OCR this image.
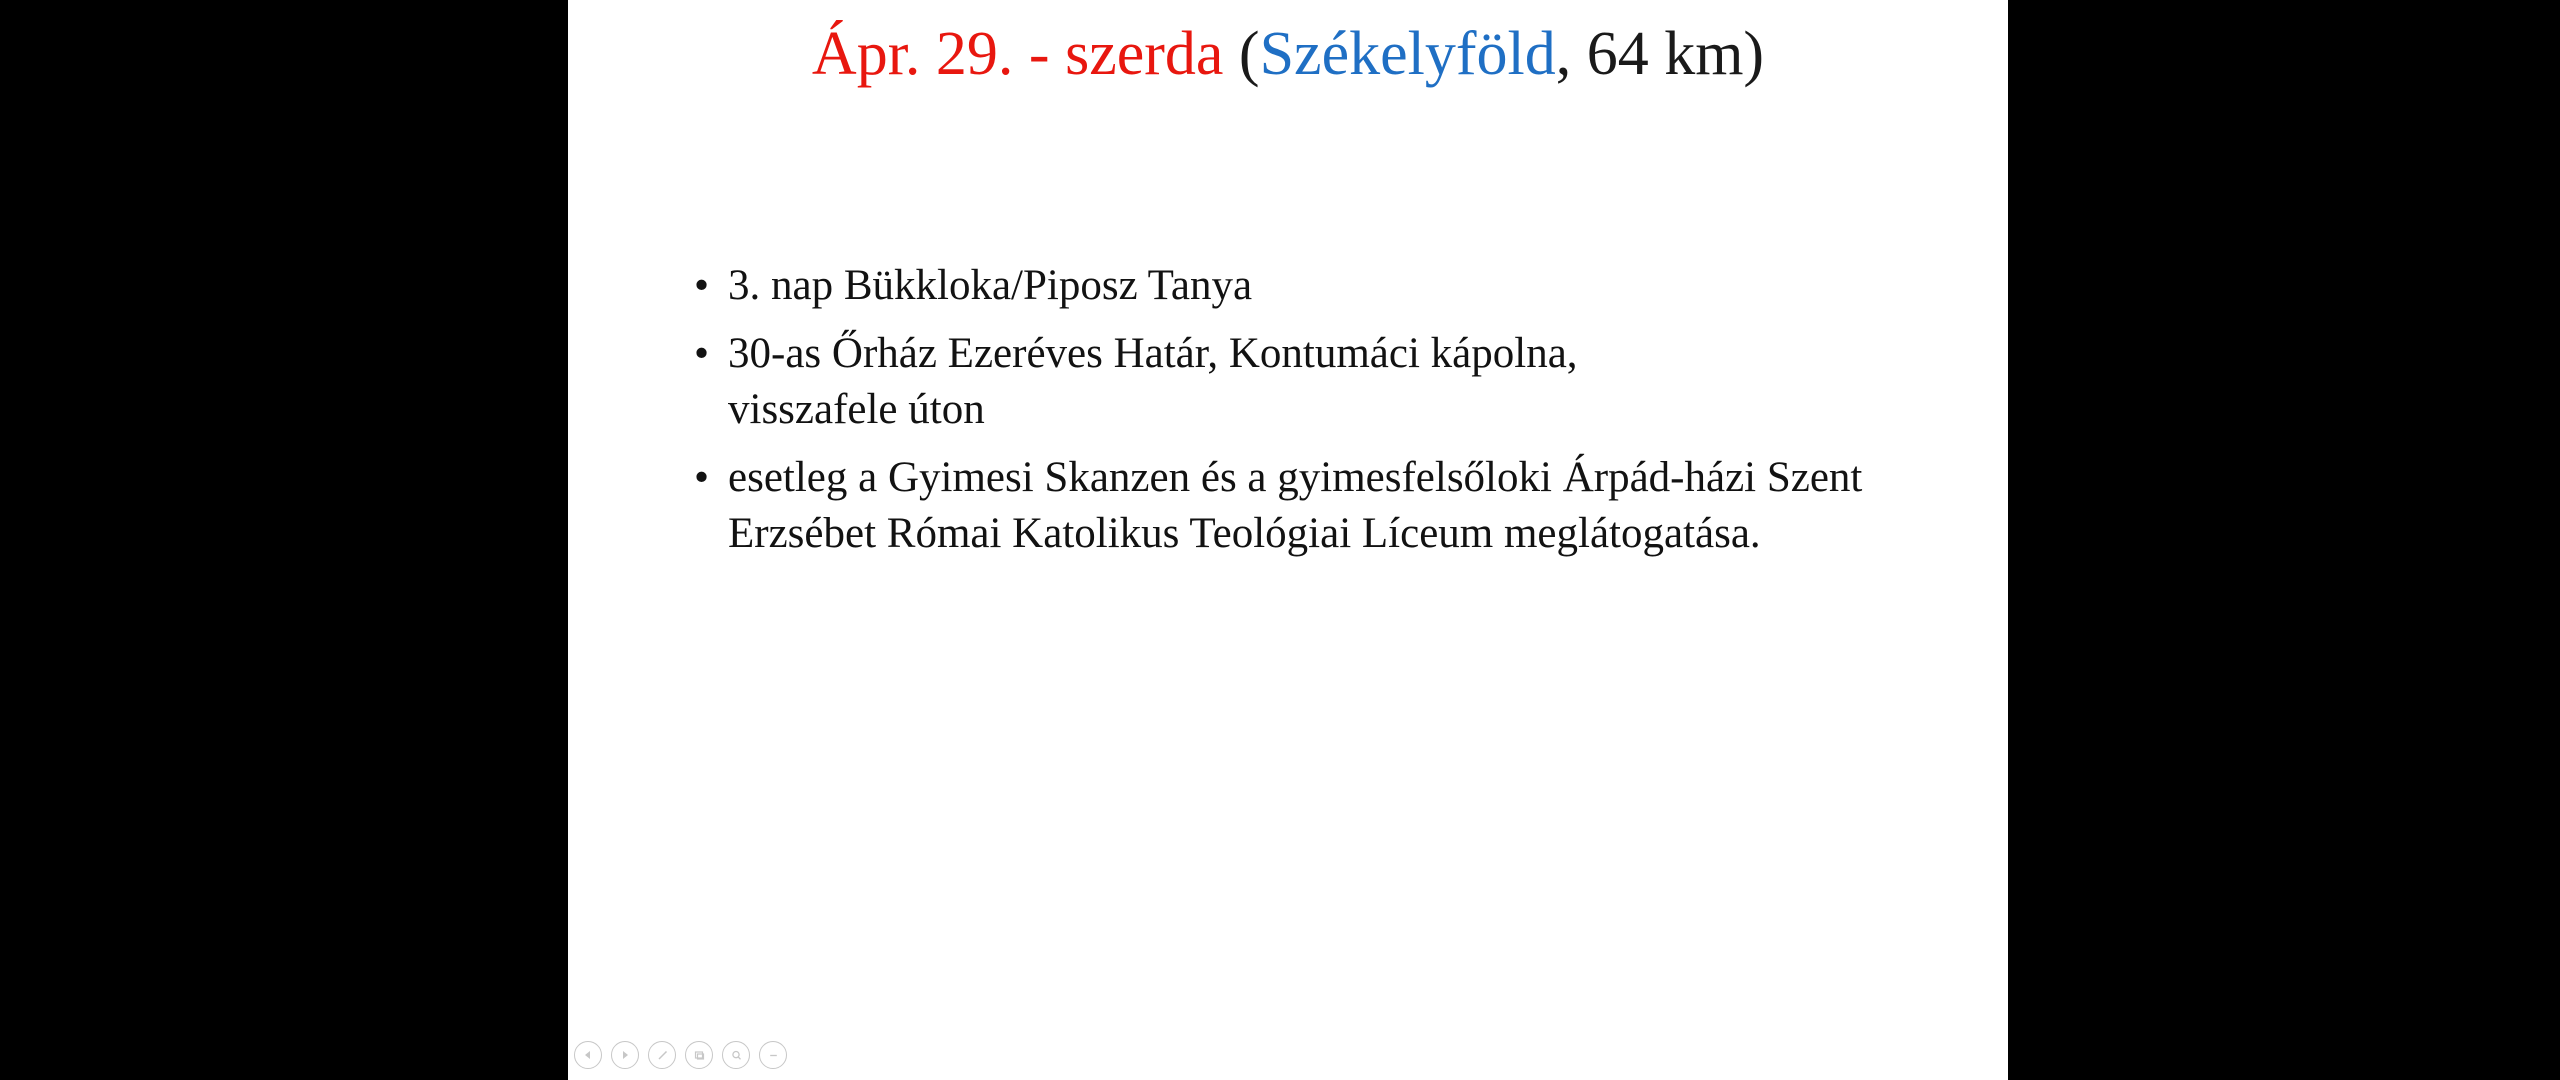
Ápr. 29. - szerda (Székelyföld, 64 km)
• 3. nap Bükkloka/Piposz Tanya
• 30-as Őrház Ezeréves Határ, Kontumáci kápolna, visszafele úton
• esetleg a Gyimesi Skanzen és a gyimesfelsőloki Árpád-házi Szent Erzsébet Római Katolikus Teológiai Líceum meglátogatása.
